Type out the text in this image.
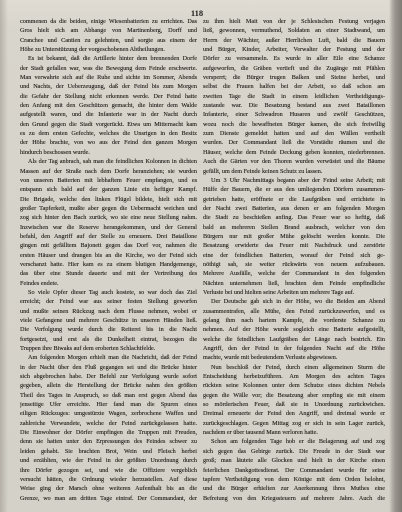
118
commenen da die beiden, einige Wiesenbatterien zu errichten. Das
Gros hielt sich am Abhange von Martinenberg, Dorff und
Cranchee und Cantien zu gelehnten, und sorgte aus einem der
Höhe zu Unterstützung der vorgeschobenen Abtheilungen.
Es ist bekannt, daß die Artillerie hinter dem brennenden Dorfe
der Stadt gefallen war, was die Bewegung dem Feinde erschwerte.
Man verwahrte sich auf die Ruhe und sichte im Sommer, Abends
und Nachts, der Ueberzeugung, daß der Feind bis zum Morgen
die Gefahr der Stellung nicht erkennen werde. Der Feind hatte
den Anfang mit den Geschützen gemacht, die hinter dem Walde
aufgestellt waren, und die Infanterie war in der Nacht durch
den Grund gegen die Stadt vorgerückt. Etwa um Mitternacht kam
es zu dem ersten Gefechte, welches die Unsrigen in den Besitz
der Höhe brachte, von wo aus der Feind den ganzen Morgen
hindurch beschossen wurde.
Als der Tag anbrach, sah man die feindlichen Kolonnen in dichten
Massen auf der Straße nach dem Dorfe heranziehen; sie wurden
von unseren Batterien mit lebhaftem Feuer empfangen, und es
entspann sich bald auf der ganzen Linie ein heftiger Kampf.
Die Brigade, welche den linken Flügel bildete, hielt sich mit
großer Tapferkeit, mußte aber gegen die Uebermacht weichen und
zog sich hinter den Bach zurück, wo sie eine neue Stellung nahm.
Inzwischen war die Reserve herangekommen, und der General
befahl, den Angriff auf der Stelle zu erneuern. Drei Bataillone
gingen mit gefälltem Bajonett gegen das Dorf vor, nahmen die
ersten Häuser und drangen bis an die Kirche, wo der Feind sich
verschanzt hatte. Hier kam es zu einem blutigen Handgemenge,
das über eine Stunde dauerte und mit der Vertreibung des
Feindes endete.
So viele Opfer dieser Tag auch kostete, so war doch das Ziel
erreicht; der Feind war aus seiner festen Stellung geworfen
und mußte seinen Rückzug nach dem Flusse nehmen, wobei er
viele Gefangene und mehrere Geschütze in unseren Händen ließ.
Die Verfolgung wurde durch die Reiterei bis in die Nacht
fortgesetzt, und erst als die Dunkelheit eintrat, bezogen die
Truppen ihre Biwaks auf dem eroberten Schlachtfelde.
Am folgenden Morgen erhielt man die Nachricht, daß der Feind
in der Nacht über den Fluß gegangen sei und die Brücke hinter
sich abgebrochen habe. Der Befehl zur Verfolgung wurde sofort
gegeben, allein die Herstellung der Brücke nahm den größten
Theil des Tages in Anspruch, so daß man erst gegen Abend das
jenseitige Ufer erreichte. Hier fand man die Spuren eines
eiligen Rückzuges: umgestürzte Wagen, zerbrochene Waffen und
zahlreiche Verwundete, welche der Feind zurückgelassen hatte.
Die Einwohner der Dörfer empfingen die Truppen mit Freuden,
denn sie hatten unter den Erpressungen des Feindes schwer zu
leiden gehabt. Sie brachten Brot, Wein und Fleisch herbei
und erzählten, wie der Feind in der größten Unordnung durch
ihre Dörfer gezogen sei, und wie die Offiziere vergeblich
versucht hätten, die Ordnung wieder herzustellen. Auf diese
Weise ging der Marsch ohne weiteren Aufenthalt bis an die
Grenze, wo man am dritten Tage eintraf. Der Commandant, der
zu ihm hielt Mait von der je Schlesischen Festung verjagen
ließ, gewonnen, vermuthend, Soldaten an einer Stadtwand, um
Herrn der Wächter, außer Herrlichen Luft, bald die Bauern
und Bürger, Kinder, Arbeiter, Verwalter der Festung und der
Dörfer zu versammeln. Es wurde in aller Eile eine Schanze
aufgeworfen, die Gräben vertieft und die Zugänge mit Pfählen
versperrt; die Bürger trugen Balken und Steine herbei, und
selbst die Frauen halfen bei der Arbeit, so daß schon am
zweiten Tage die Stadt in einem leidlichen Vertheidigungs-
zustande war. Die Besatzung bestand aus zwei Bataillonen
Infanterie, einer Schwadron Husaren und zwölf Geschützen,
wozu noch die bewaffneten Bürger kamen, die sich freiwillig
zum Dienste gemeldet hatten und auf den Wällen vertheilt
wurden. Der Commandant ließ die Vorstädte räumen und die
Häuser, welche dem Feinde Deckung geben konnten, niederbrennen.
Auch die Gärten vor den Thoren wurden verwüstet und die Bäume
gefällt, um dem Feinde keinen Schutz zu lassen.
Um 3 Uhr Nachmittags begann aber der Feind seine Arbeit; mit
Hülfe der Bauern, die er aus den umliegenden Dörfern zusammen-
getrieben hatte, eröffnete er die Laufgräben und errichtete in
der Nacht zwei Batterien, aus denen er am folgenden Morgen
die Stadt zu beschießen anfing. Das Feuer war so heftig, daß
bald an mehreren Stellen Brand ausbrach, welcher von den
Bürgern nur mit großer Mühe gelöscht werden konnte. Die
Besatzung erwiderte das Feuer mit Nachdruck und zerstörte
eine der feindlichen Batterien, worauf der Feind sich ge-
nöthigt sah, sie weiter rückwärts von neuem aufzubauen.
Mehrere Ausfälle, welche der Commandant in den folgenden
Nächten unternehmen ließ, brachten dem Feinde empfindliche
Verluste bei und hielten seine Arbeiten um mehrere Tage auf.
Der Deutsche gab sich in der Höhe, wo die Beiden am Abend
zusammentrafen, alle Mühe, den Feind zurückzuwerfen, und es
gelang ihm nach hartem Kampfe, die vorderste Schanze zu
nehmen. Auf der Höhe wurde sogleich eine Batterie aufgestellt,
welche die feindlichen Laufgräben der Länge nach bestrich. Ein
Angriff, den der Feind in der folgenden Nacht auf die Höhe
machte, wurde mit bedeutendem Verluste abgewiesen.
Nun beschloß der Feind, durch einen allgemeinen Sturm die
Entscheidung herbeizuführen. Am Morgen des achten Tages
rückten seine Kolonnen unter dem Schutze eines dichten Nebels
gegen die Wälle vor; die Besatzung aber empfing sie mit einem
so mörderischen Feuer, daß sie in Unordnung zurückwichen.
Dreimal erneuerte der Feind den Angriff, und dreimal wurde er
zurückgeschlagen. Gegen Mittag zog er sich in sein Lager zurück,
nachdem er über tausend Mann verloren hatte.
Schon am folgenden Tage hob er die Belagerung auf und zog
sich gegen das Gebirge zurück. Die Freude in der Stadt war
groß; man läutete alle Glocken und hielt in der Kirche einen
feierlichen Dankgottesdienst. Der Commandant wurde für seine
tapfere Vertheidigung von dem Könige mit dem Orden belohnt,
und die Bürger erhielten zur Anerkennung ihres Muthes eine
Befreiung von den Kriegssteuern auf mehrere Jahre. Auch die
